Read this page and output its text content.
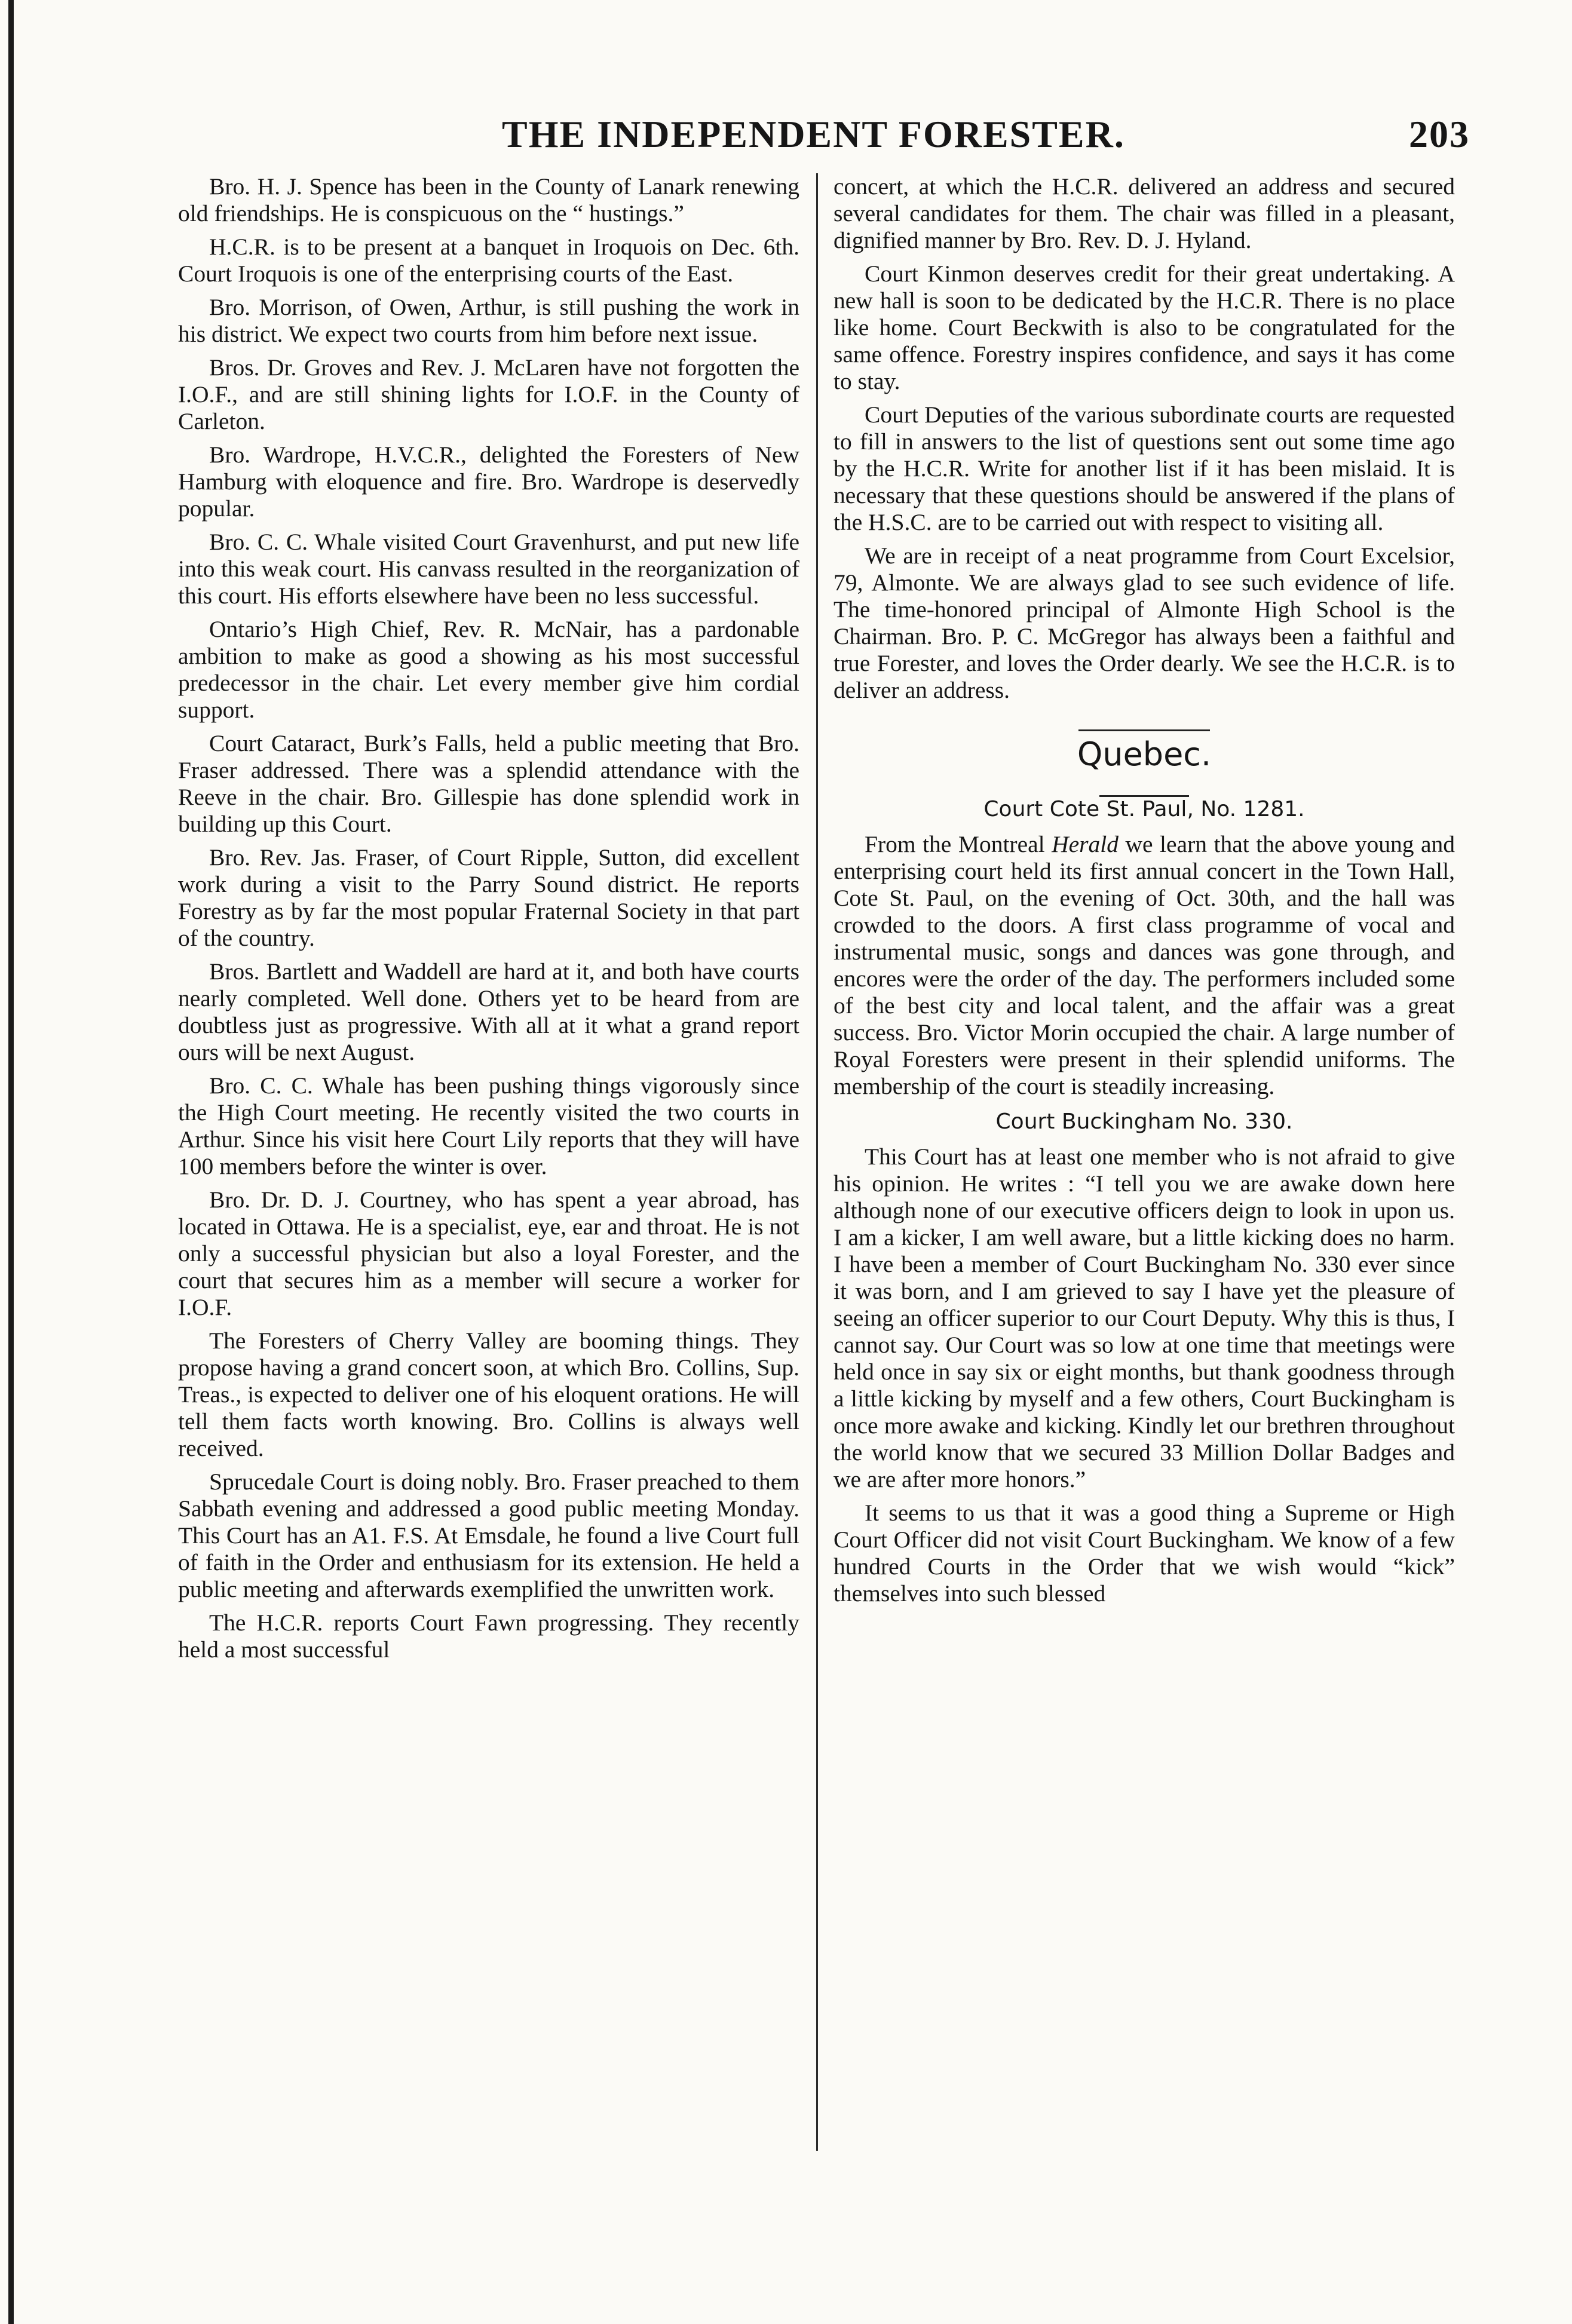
THE INDEPENDENT FORESTER.	203

Bro. H. J. Spence has been in the County of Lanark renewing old friendships. He is conspicuous on the “ hustings.”

H.C.R. is to be present at a banquet in Iroquois on Dec. 6th. Court Iroquois is one of the enterprising courts of the East.

Bro. Morrison, of Owen, Arthur, is still pushing the work in his district. We expect two courts from him before next issue.

Bros. Dr. Groves and Rev. J. McLaren have not forgotten the I.O.F., and are still shining lights for I.O.F. in the County of Carleton.

Bro. Wardrope, H.V.C.R., delighted the Foresters of New Hamburg with eloquence and fire. Bro. Wardrope is deservedly popular.

Bro. C. C. Whale visited Court Gravenhurst, and put new life into this weak court. His canvass resulted in the reorganization of this court. His efforts elsewhere have been no less successful.

Ontario’s High Chief, Rev. R. McNair, has a pardonable ambition to make as good a showing as his most successful predecessor in the chair. Let every member give him cordial support.

Court Cataract, Burk’s Falls, held a public meeting that Bro. Fraser addressed. There was a splendid attendance with the Reeve in the chair. Bro. Gillespie has done splendid work in building up this Court.

Bro. Rev. Jas. Fraser, of Court Ripple, Sutton, did excellent work during a visit to the Parry Sound district. He reports Forestry as by far the most popular Fraternal Society in that part of the country.

Bros. Bartlett and Waddell are hard at it, and both have courts nearly completed. Well done. Others yet to be heard from are doubtless just as progressive. With all at it what a grand report ours will be next August.

Bro. C. C. Whale has been pushing things vigorously since the High Court meeting. He recently visited the two courts in Arthur. Since his visit here Court Lily reports that they will have 100 members before the winter is over.

Bro. Dr. D. J. Courtney, who has spent a year abroad, has located in Ottawa. He is a specialist, eye, ear and throat. He is not only a successful physician but also a loyal Forester, and the court that secures him as a member will secure a worker for I.O.F.

The Foresters of Cherry Valley are booming things. They propose having a grand concert soon, at which Bro. Collins, Sup. Treas., is expected to deliver one of his eloquent orations. He will tell them facts worth knowing. Bro. Collins is always well received.

Sprucedale Court is doing nobly. Bro. Fraser preached to them Sabbath evening and addressed a good public meeting Monday. This Court has an A1. F.S. At Emsdale, he found a live Court full of faith in the Order and enthusiasm for its extension. He held a public meeting and afterwards exemplified the unwritten work.

The H.C.R. reports Court Fawn progressing. They recently held a most successful

concert, at which the H.C.R. delivered an address and secured several candidates for them. The chair was filled in a pleasant, dignified manner by Bro. Rev. D. J. Hyland.

Court Kinmon deserves credit for their great undertaking. A new hall is soon to be dedicated by the H.C.R. There is no place like home. Court Beckwith is also to be congratulated for the same offence. Forestry inspires confidence, and says it has come to stay.

Court Deputies of the various subordinate courts are requested to fill in answers to the list of questions sent out some time ago by the H.C.R. Write for another list if it has been mislaid. It is necessary that these questions should be answered if the plans of the H.S.C. are to be carried out with respect to visiting all.

We are in receipt of a neat programme from Court Excelsior, 79, Almonte. We are always glad to see such evidence of life. The time-honored principal of Almonte High School is the Chairman. Bro. P. C. McGregor has always been a faithful and true Forester, and loves the Order dearly. We see the H.C.R. is to deliver an address.

Quebec.
Court Cote St. Paul, No. 1281.

From the Montreal Herald we learn that the above young and enterprising court held its first annual concert in the Town Hall, Cote St. Paul, on the evening of Oct. 30th, and the hall was crowded to the doors. A first class programme of vocal and instrumental music, songs and dances was gone through, and encores were the order of the day. The performers included some of the best city and local talent, and the affair was a great success. Bro. Victor Morin occupied the chair. A large number of Royal Foresters were present in their splendid uniforms. The membership of the court is steadily increasing.

Court Buckingham No. 330.

This Court has at least one member who is not afraid to give his opinion. He writes : “I tell you we are awake down here although none of our executive officers deign to look in upon us. I am a kicker, I am well aware, but a little kicking does no harm. I have been a member of Court Buckingham No. 330 ever since it was born, and I am grieved to say I have yet the pleasure of seeing an officer superior to our Court Deputy. Why this is thus, I cannot say. Our Court was so low at one time that meetings were held once in say six or eight months, but thank goodness through a little kicking by myself and a few others, Court Buckingham is once more awake and kicking. Kindly let our brethren throughout the world know that we secured 33 Million Dollar Badges and we are after more honors.”

It seems to us that it was a good thing a Supreme or High Court Officer did not visit Court Buckingham. We know of a few hundred Courts in the Order that we wish would “kick” themselves into such blessed
